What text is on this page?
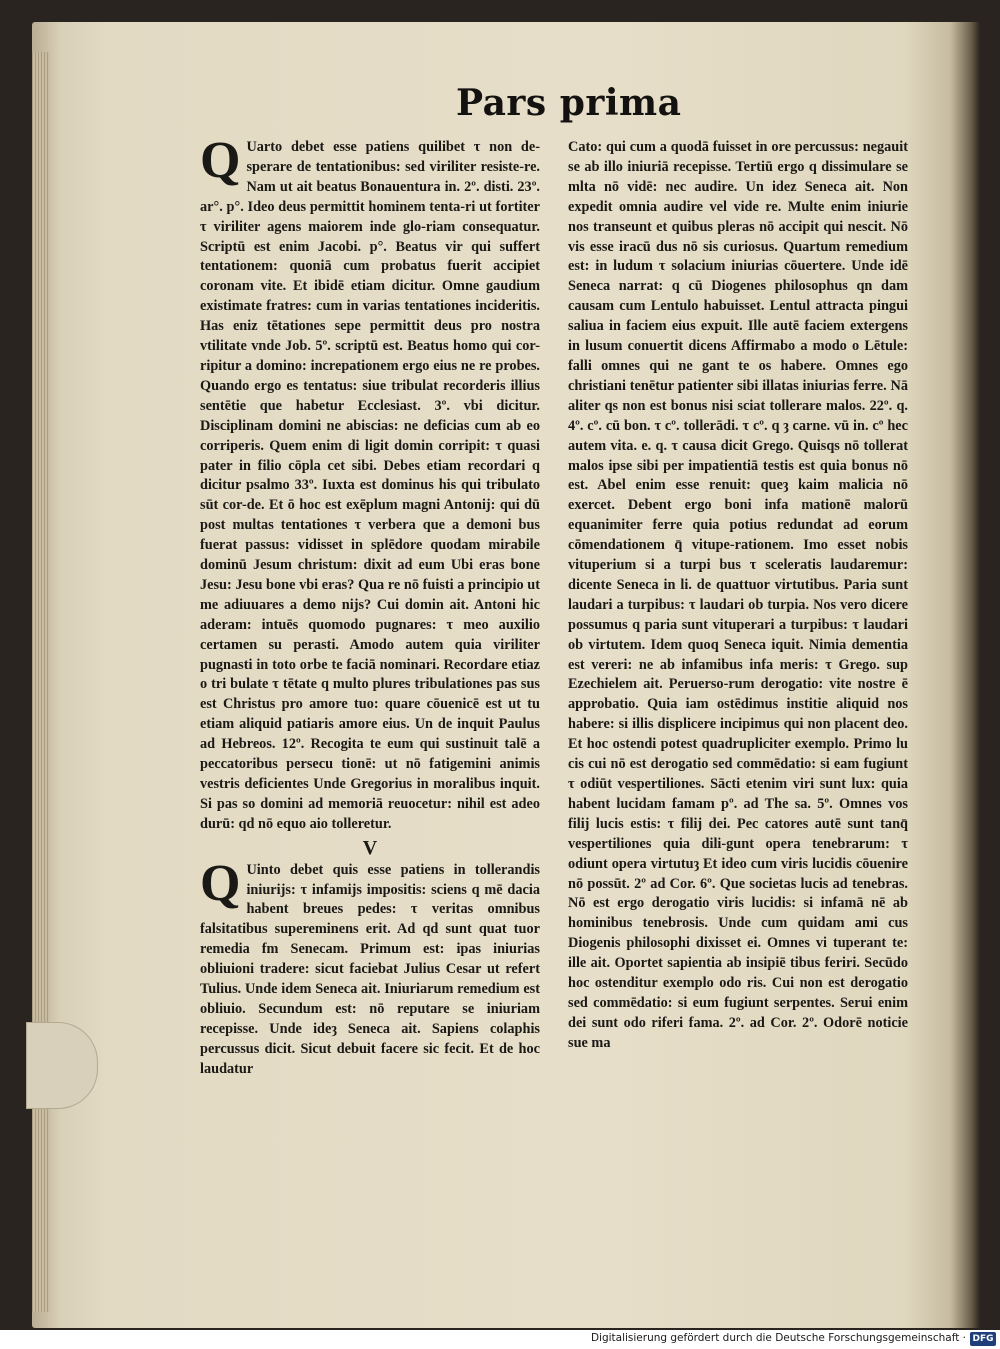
Pars prima

Q Uarto debet esse patiens quilibet τ non de-sperare de tentationibus: sed viriliter resiste-re. Nam ut ait beatus Bonauentura in. 2º. disti. 23º. ar°. p°. Ideo deus permittit hominem tenta-ri ut fortiter τ viriliter agens maiorem inde glo-riam consequatur. Scriptū est enim Jacobi. p°. Beatus vir qui suffert tentationem: quoniā cum probatus fuerit accipiet coronam vite. Et ibidē etiam dicitur. Omne gaudium existimate fratres: cum in varias tentationes incideritis. Has eniz tētationes sepe permittit deus pro nostra vtilitate vnde Job. 5º. scriptū est. Beatus homo qui cor-ripitur a domino: increpationem ergo eius ne re probes. Quando ergo es tentatus: siue tribulat recorderis illius sentētie que habetur Ecclesiast. 3º. vbi dicitur. Disciplinam domini ne abiscias: ne deficias cum ab eo corriperis. Quem enim di ligit domin corripit: τ quasi pater in filio cōpla cet sibi. Debes etiam recordari q dicitur psalmo 33º. Iuxta est dominus his qui tribulato sūt cor-de. Et ō hoc est exēplum magni Antonij: qui dū post multas tentationes τ verbera que a demoni bus fuerat passus: vidisset in splēdore quodam mirabile dominū Jesum christum: dixit ad eum Ubi eras bone Jesu: Jesu bone vbi eras? Qua re nō fuisti a principio ut me adiuuares a demo nijs? Cui domin ait. Antoni hic aderam: intuēs quomodo pugnares: τ meo auxilio certamen su perasti. Amodo autem quia viriliter pugnasti in toto orbe te faciā nominari. Recordare etiaz o tri bulate τ tētate q multo plures tribulationes pas sus est Christus pro amore tuo: quare cōuenicē est ut tu etiam aliquid patiaris amore eius. Un de inquit Paulus ad Hebreos. 12º. Recogita te eum qui sustinuit talē a peccatoribus persecu tionē: ut nō fatigemini animis vestris deficientes Unde Gregorius in moralibus inquit. Si pas so domini ad memoriā reuocetur: nihil est adeo durū: qd nō equo aio tolleretur.

V

Q Uinto debet quis esse patiens in tollerandis iniurijs: τ infamijs impositis: sciens q mē dacia habent breues pedes: τ veritas omnibus falsitatibus supereminens erit. Ad qd sunt quat tuor remedia fm Senecam. Primum est: ipas iniurias obliuioni tradere: sicut faciebat Julius Cesar ut refert Tulius. Unde idem Seneca ait. Iniuriarum remedium est obliuio. Secundum est: nō reputare se iniuriam recepisse. Unde ideȝ Seneca ait. Sapiens colaphis percussus dicit. Sicut debuit facere sic fecit. Et de hoc laudatur

Cato: qui cum a quodā fuisset in ore percussus: negauit se ab illo iniuriā recepisse. Tertiū ergo q dissimulare se mlta nō vidē: nec audire. Un idez Seneca ait. Non expedit omnia audire vel vide re. Multe enim iniurie nos transeunt et quibus pleras nō accipit qui nescit. Nō vis esse iracū dus nō sis curiosus. Quartum remedium est: in ludum τ solacium iniurias cōuertere. Unde idē Seneca narrat: q cū Diogenes philosophus qn dam causam cum Lentulo habuisset. Lentul attracta pingui saliua in faciem eius expuit. Ille autē faciem extergens in lusum conuertit dicens Affirmabo a modo o Lētule: falli omnes qui ne gant te os habere. Omnes ego christiani tenētur patienter sibi illatas iniurias ferre. Nā aliter qs non est bonus nisi sciat tollerare malos. 22º. q. 4º. cº. cū bon. τ cº. tollerādi. τ cº. q ȝ carne. vū in. cº hec autem vita. e. q. τ causa dicit Grego. Quisqs nō tollerat malos ipse sibi per impatientiā testis est quia bonus nō est. Abel enim esse renuit: queȝ kaim malicia nō exercet. Debent ergo boni infa mationē malorū equanimiter ferre quia potius redundat ad eorum cōmendationem q̄ vitupe-rationem. Imo esset nobis vituperium si a turpi bus τ sceleratis laudaremur: dicente Seneca in li. de quattuor virtutibus. Paria sunt laudari a turpibus: τ laudari ob turpia. Nos vero dicere possumus q paria sunt vituperari a turpibus: τ laudari ob virtutem. Idem quoq Seneca iquit. Nimia dementia est vereri: ne ab infamibus infa meris: τ Grego. sup Ezechielem ait. Peruerso-rum derogatio: vite nostre ē approbatio. Quia iam ostēdimus institie aliquid nos habere: si illis displicere incipimus qui non placent deo. Et hoc ostendi potest quadrupliciter exemplo. Primo lu cis cui nō est derogatio sed commēdatio: si eam fugiunt τ odiūt vespertiliones. Sācti etenim viri sunt lux: quia habent lucidam famam pº. ad The sa. 5º. Omnes vos filij lucis estis: τ filij dei. Pec catores autē sunt tanq̄ vespertiliones quia dili-gunt opera tenebrarum: τ odiunt opera virtutuȝ Et ideo cum viris lucidis cōuenire nō possūt. 2º ad Cor. 6º. Que societas lucis ad tenebras. Nō est ergo derogatio viris lucidis: si infamā nē ab hominibus tenebrosis. Unde cum quidam ami cus Diogenis philosophi dixisset ei. Omnes vi tuperant te: ille ait. Oportet sapientia ab insipiē tibus feriri. Secūdo hoc ostenditur exemplo odo ris. Cui non est derogatio sed commēdatio: si eum fugiunt serpentes. Serui enim dei sunt odo riferi fama. 2º. ad Cor. 2º. Odorē noticie sue ma

Digitalisierung gefördert durch die Deutsche Forschungsgemeinschaft · DFG
